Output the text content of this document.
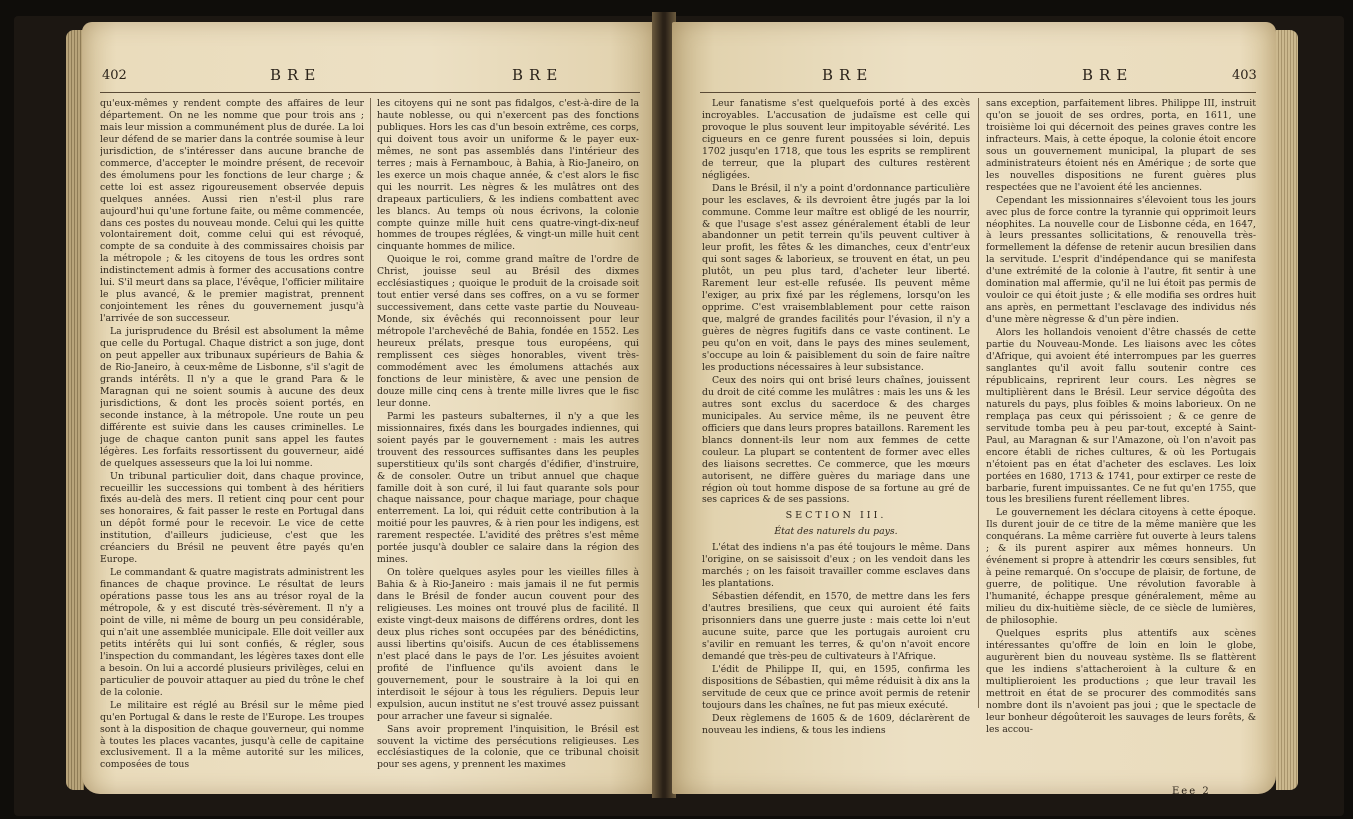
402	BRE	BRE

qu'eux-mêmes y rendent compte des affaires de leur département. On ne les nomme que pour trois ans ; mais leur mission a communément plus de durée. La loi leur défend de se marier dans la contrée soumise à leur jurisdiction, de s'intéresser dans aucune branche de commerce, d'accepter le moindre présent, de recevoir des émolumens pour les fonctions de leur charge ; & cette loi est assez rigoureusement observée depuis quelques années. Aussi rien n'est-il plus rare aujourd'hui qu'une fortune faite, ou même commencée, dans ces postes du nouveau monde. Celui qui les quitte volontairement doit, comme celui qui est révoqué, compte de sa conduite à des commissaires choisis par la métropole ; & les citoyens de tous les ordres sont indistinctement admis à former des accusations contre lui. S'il meurt dans sa place, l'évêque, l'officier militaire le plus avancé, & le premier magistrat, prennent conjointement les rênes du gouvernement jusqu'à l'arrivée de son successeur.

La jurisprudence du Brésil est absolument la même que celle du Portugal. Chaque district a son juge, dont on peut appeller aux tribunaux supérieurs de Bahia & de Rio-Janeiro, à ceux-même de Lisbonne, s'il s'agit de grands intérêts. Il n'y a que le grand Para & le Maragnan qui ne soient soumis à aucune des deux jurisdictions, & dont les procès soient portés, en seconde instance, à la métropole. Une route un peu différente est suivie dans les causes criminelles. Le juge de chaque canton punit sans appel les fautes légères. Les forfaits ressortissent du gouverneur, aidé de quelques assesseurs que la loi lui nomme.

Un tribunal particulier doit, dans chaque province, recueillir les successions qui tombent à des héritiers fixés au-delà des mers. Il retient cinq pour cent pour ses honoraires, & fait passer le reste en Portugal dans un dépôt formé pour le recevoir. Le vice de cette institution, d'ailleurs judicieuse, c'est que les créanciers du Brésil ne peuvent être payés qu'en Europe.

Le commandant & quatre magistrats administrent les finances de chaque province. Le résultat de leurs opérations passe tous les ans au trésor royal de la métropole, & y est discuté très-sévèrement. Il n'y a point de ville, ni même de bourg un peu considérable, qui n'ait une assemblée municipale. Elle doit veiller aux petits intérêts qui lui sont confiés, & régler, sous l'inspection du commandant, les légères taxes dont elle a besoin. On lui a accordé plusieurs privilèges, celui en particulier de pouvoir attaquer au pied du trône le chef de la colonie.

Le militaire est réglé au Brésil sur le même pied qu'en Portugal & dans le reste de l'Europe. Les troupes sont à la disposition de chaque gouverneur, qui nomme à toutes les places vacantes, jusqu'à celle de capitaine exclusivement. Il a la même autorité sur les milices, composées de tous

les citoyens qui ne sont pas fidalgos, c'est-à-dire de la haute noblesse, ou qui n'exercent pas des fonctions publiques. Hors les cas d'un besoin extrême, ces corps, qui doivent tous avoir un uniforme & le payer eux-mêmes, ne sont pas assemblés dans l'intérieur des terres ; mais à Fernambouc, à Bahia, à Rio-Janeiro, on les exerce un mois chaque année, & c'est alors le fisc qui les nourrit. Les nègres & les mulâtres ont des drapeaux particuliers, & les indiens combattent avec les blancs. Au temps où nous écrivons, la colonie compte quinze mille huit cens quatre-vingt-dix-neuf hommes de troupes réglées, & vingt-un mille huit cent cinquante hommes de milice.

Quoique le roi, comme grand maître de l'ordre de Christ, jouisse seul au Brésil des dixmes ecclésiastiques ; quoique le produit de la croisade soit tout entier versé dans ses coffres, on a vu se former successivement, dans cette vaste partie du Nouveau-Monde, six évêchés qui reconnoissent pour leur métropole l'archevêché de Bahia, fondée en 1552. Les heureux prélats, presque tous européens, qui remplissent ces sièges honorables, vivent très-commodément avec les émolumens attachés aux fonctions de leur ministère, & avec une pension de douze mille cinq cens à trente mille livres que le fisc leur donne.

Parmi les pasteurs subalternes, il n'y a que les missionnaires, fixés dans les bourgades indiennes, qui soient payés par le gouvernement : mais les autres trouvent des ressources suffisantes dans les peuples superstitieux qu'ils sont chargés d'édifier, d'instruire, & de consoler. Outre un tribut annuel que chaque famille doit à son curé, il lui faut quarante sols pour chaque naissance, pour chaque mariage, pour chaque enterrement. La loi, qui réduit cette contribution à la moitié pour les pauvres, & à rien pour les indigens, est rarement respectée. L'avidité des prêtres s'est même portée jusqu'à doubler ce salaire dans la région des mines.

On tolère quelques asyles pour les vieilles filles à Bahia & à Rio-Janeiro : mais jamais il ne fut permis dans le Brésil de fonder aucun couvent pour des religieuses. Les moines ont trouvé plus de facilité. Il existe vingt-deux maisons de différens ordres, dont les deux plus riches sont occupées par des bénédictins, aussi libertins qu'oisifs. Aucun de ces établissemens n'est placé dans le pays de l'or. Les jésuites avoient profité de l'influence qu'ils avoient dans le gouvernement, pour le soustraire à la loi qui en interdisoit le séjour à tous les réguliers. Depuis leur expulsion, aucun institut ne s'est trouvé assez puissant pour arracher une faveur si signalée.

Sans avoir proprement l'inquisition, le Brésil est souvent la victime des persécutions religieuses. Les ecclésiastiques de la colonie, que ce tribunal choisit pour ses agens, y prennent les maximes

BRE	BRE	403

Leur fanatisme s'est quelquefois porté à des excès incroyables. L'accusation de judaïsme est celle qui provoque le plus souvent leur impitoyable sévérité. Les cigueurs en ce genre furent poussées si loin, depuis 1702 jusqu'en 1718, que tous les esprits se remplirent de terreur, que la plupart des cultures restèrent négligées.

Dans le Brésil, il n'y a point d'ordonnance particulière pour les esclaves, & ils devroient être jugés par la loi commune. Comme leur maître est obligé de les nourrir, & que l'usage s'est assez généralement établi de leur abandonner un petit terrein qu'ils peuvent cultiver à leur profit, les fêtes & les dimanches, ceux d'entr'eux qui sont sages & laborieux, se trouvent en état, un peu plutôt, un peu plus tard, d'acheter leur liberté. Rarement leur est-elle refusée. Ils peuvent même l'exiger, au prix fixé par les réglemens, lorsqu'on les opprime. C'est vraisemblablement pour cette raison que, malgré de grandes facilités pour l'évasion, il n'y a guères de nègres fugitifs dans ce vaste continent. Le peu qu'on en voit, dans le pays des mines seulement, s'occupe au loin & paisiblement du soin de faire naître les productions nécessaires à leur subsistance.

Ceux des noirs qui ont brisé leurs chaînes, jouissent du droit de cité comme les mulâtres : mais les uns & les autres sont exclus du sacerdoce & des charges municipales. Au service même, ils ne peuvent être officiers que dans leurs propres bataillons. Rarement les blancs donnent-ils leur nom aux femmes de cette couleur. La plupart se contentent de former avec elles des liaisons secrettes. Ce commerce, que les mœurs autorisent, ne diffère guères du mariage dans une région où tout homme dispose de sa fortune au gré de ses caprices & de ses passions.

SECTION III.

État des naturels du pays.

L'état des indiens n'a pas été toujours le même. Dans l'origine, on se saisissoit d'eux ; on les vendoit dans les marchés ; on les faisoit travailler comme esclaves dans les plantations.

Sébastien défendit, en 1570, de mettre dans les fers d'autres bresiliens, que ceux qui auroient été faits prisonniers dans une guerre juste : mais cette loi n'eut aucune suite, parce que les portugais auroient cru s'avilir en remuant les terres, & qu'on n'avoit encore demandé que très-peu de cultivateurs à l'Afrique.

L'édit de Philippe II, qui, en 1595, confirma les dispositions de Sébastien, qui même réduisit à dix ans la servitude de ceux que ce prince avoit permis de retenir toujours dans les chaînes, ne fut pas mieux exécuté.

Deux règlemens de 1605 & de 1609, déclarèrent de nouveau les indiens, & tous les indiens

sans exception, parfaitement libres. Philippe III, instruit qu'on se jouoit de ses ordres, porta, en 1611, une troisième loi qui décernoit des peines graves contre les infracteurs. Mais, à cette époque, la colonie étoit encore sous un gouvernement municipal, la plupart de ses administrateurs étoient nés en Amérique ; de sorte que les nouvelles dispositions ne furent guères plus respectées que ne l'avoient été les anciennes.

Cependant les missionnaires s'élevoient tous les jours avec plus de force contre la tyrannie qui opprimoit leurs néophites. La nouvelle cour de Lisbonne céda, en 1647, à leurs pressantes sollicitations, & renouvella très-formellement la défense de retenir aucun bresilien dans la servitude. L'esprit d'indépendance qui se manifesta d'une extrémité de la colonie à l'autre, fit sentir à une domination mal affermie, qu'il ne lui étoit pas permis de vouloir ce qui étoit juste ; & elle modifia ses ordres huit ans après, en permettant l'esclavage des individus nés d'une mère nègresse & d'un père indien.

Alors les hollandois venoient d'être chassés de cette partie du Nouveau-Monde. Les liaisons avec les côtes d'Afrique, qui avoient été interrompues par les guerres sanglantes qu'il avoit fallu soutenir contre ces républicains, reprirent leur cours. Les nègres se multiplièrent dans le Brésil. Leur service dégoûta des naturels du pays, plus foibles & moins laborieux. On ne remplaça pas ceux qui périssoient ; & ce genre de servitude tomba peu à peu par-tout, excepté à Saint-Paul, au Maragnan & sur l'Amazone, où l'on n'avoit pas encore établi de riches cultures, & où les Portugais n'étoient pas en état d'acheter des esclaves. Les loix portées en 1680, 1713 & 1741, pour extirper ce reste de barbarie, furent impuissantes. Ce ne fut qu'en 1755, que tous les bresiliens furent réellement libres.

Le gouvernement les déclara citoyens à cette époque. Ils durent jouir de ce titre de la même manière que les conquérans. La même carrière fut ouverte à leurs talens ; & ils purent aspirer aux mêmes honneurs. Un événement si propre à attendrir les cœurs sensibles, fut à peine remarqué. On s'occupe de plaisir, de fortune, de guerre, de politique. Une révolution favorable à l'humanité, échappe presque généralement, même au milieu du dix-huitième siècle, de ce siècle de lumières, de philosophie.

Quelques esprits plus attentifs aux scènes intéressantes qu'offre de loin en loin le globe, augurèrent bien du nouveau système. Ils se flattèrent que les indiens s'attacheroient à la culture & en multiplieroient les productions ; que leur travail les mettroit en état de se procurer des commodités sans nombre dont ils n'avoient pas joui ; que le spectacle de leur bonheur dégoûteroit les sauvages de leurs forêts, & les accou-

Eee 2
